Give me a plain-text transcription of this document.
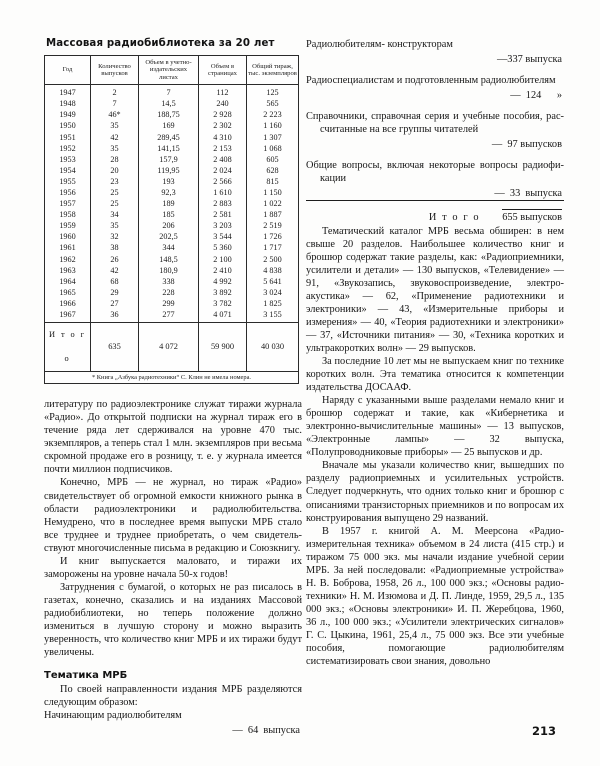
Массовая радиобиблиотека за 20 лет
Год	Количество выпусков	Объем в учетно-издательских листах	Объем в страницах	Общий тираж, тыс. экземпляров
1947	2	7	112	125
1948	7	14,5	240	565
1949	46*	188,75	2 928	2 223
1950	35	169	2 302	1 160
1951	42	289,45	4 310	1 307
1952	35	141,15	2 153	1 068
1953	28	157,9	2 408	605
1954	20	119,95	2 024	628
1955	23	193	2 566	815
1956	25	92,3	1 610	1 150
1957	25	189	2 883	1 022
1958	34	185	2 581	1 887
1959	35	206	3 203	2 519
1960	32	202,5	3 544	1 726
1961	38	344	5 360	1 717
1962	26	148,5	2 100	2 500
1963	42	180,9	2 410	4 838
1964	68	338	4 992	5 641
1965	29	228	3 892	3 024
1966	27	299	3 782	1 825
1967	36	277	4 071	3 155
И т о г о	635	4 072	59 900	40 030
* Книга „Азбука радиотехники“ С. Клин не имела номера.				

литературу по радиоэлектронике служат тиражи журнала «Радио». До открытой подписки на журнал тираж его в течение ряда лет сдерживался на уровне 470 тыс. экземпляров, а теперь стал 1 млн. экземпляров при весьма скромной продаже его в розницу, т. е. у журнала имеется почти миллион подписчиков.

Конечно, МРБ — не журнал, но тираж «Радио» свидетельствует об огромной емкости книжного рынка в области радиоэлектроники и радиолюбительства. Немудрено, что в последнее время выпуски МРБ стало все труднее и труднее приобретать, о чем свидетельствуют многочисленные письма в редакцию и Союзкнигу.

И книг выпускается маловато, и тиражи их заморожены на уровне начала 50-х годов!

Затруднения с бумагой, о которых не раз писалось в газетах, конечно, сказались и на изданиях Массовой радиобиблиотеки, но теперь положение должно измениться в лучшую сторону и можно выразить уверенность, что количество книг МРБ и их тиражи будут увеличены.

Тематика МРБ

По своей направленности издания МРБ разделяются следующим образом:

Начинающим радиолюбителям

—  64  выпуска

Радиолюбителям- конструкторам

—337 выпуска

Радиоспециалистам и подготовленным радиолюбителям

—  124      »

Справочники, справочная серия и учебные пособия, рассчитанные на все группы читателей

—  97 выпусков

Общие вопросы, включая некоторые вопросы радиофикации

—  33  выпуска

И т о г о 655 выпусков

Тематический каталог МРБ весьма обширен: в нем свыше 20 разделов. Наибольшее количество книг и брошюр содержат такие разделы, как: «Радиоприемники, усилители и детали» — 130 выпусков, «Телевидение» —91, «Звукозапись, звуковоспроизведение, электроакустика» — 62, «Применение радиотехники и электроники» — 43, «Измерительные приборы и измерения» — 40, «Теория радиотехники и электроники» — 37, «Источники питания» — 30, «Техника коротких и ультракоротких волн» — 29 выпусков.

За последние 10 лет мы не выпускаем книг по технике коротких волн. Эта тематика относится к компетенции издательства ДОСААФ.

Наряду с указанными выше разделами немало книг и брошюр содержат и такие, как «Кибернетика и электронно-вычислительные машины» — 13 выпусков, «Электронные лампы» — 32 выпуска, «Полупроводниковые приборы» — 25 выпусков и др.

Вначале мы указали количество книг, вышедших по разделу радиоприемных и усилительных устройств. Следует подчеркнуть, что одних только книг и брошюр с описаниями транзисторных приемников и по вопросам их конструирования выпущено 29 названий.

В 1957 г. книгой А. М. Меерсона «Радиоизмерительная техника» объемом в 24 листа (415 стр.) и тиражом 75 000 экз. мы начали издание учебной серии МРБ. За ней последовали: «Радиоприемные устройства» Н. В. Боброва, 1958, 26 л., 100 000 экз.; «Основы радиотехники» Н. М. Изюмова и Д. П. Линде, 1959, 29,5 л., 135 000 экз.; «Основы электроники» И. П. Жеребцова, 1960, 36 л., 100 000 экз.; «Усилители электрических сигналов» Г. С. Цыкина, 1961, 25,4 л., 75 000 экз. Все эти учебные пособия, помогающие радиолюбителям систематизировать свои знания, довольно

213
